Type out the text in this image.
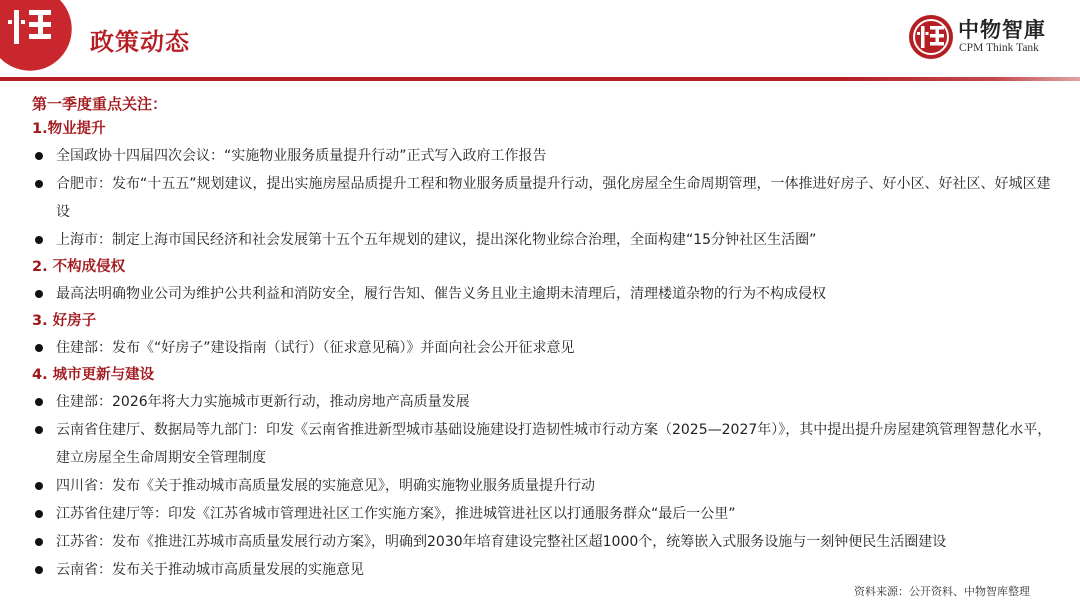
政策动态	中物智庫
CPM Think Tank
第一季度重点关注：
1.物业提升
全国政协十四届四次会议：“实施物业服务质量提升行动”正式写入政府工作报告
合肥市：发布“十五五”规划建议，提出实施房屋品质提升工程和物业服务质量提升行动，强化房屋全生命周期管理，一体推进好房子、好小区、好社区、好城区建设
上海市：制定上海市国民经济和社会发展第十五个五年规划的建议，提出深化物业综合治理，全面构建“15分钟社区生活圈”
2. 不构成侵权
最高法明确物业公司为维护公共利益和消防安全，履行告知、催告义务且业主逾期未清理后，清理楼道杂物的行为不构成侵权
3. 好房子
住建部：发布《“好房子”建设指南（试行）（征求意见稿）》并面向社会公开征求意见
4. 城市更新与建设
住建部：2026年将大力实施城市更新行动，推动房地产高质量发展
云南省住建厅、数据局等九部门：印发《云南省推进新型城市基础设施建设打造韧性城市行动方案（2025—2027年）》，其中提出提升房屋建筑管理智慧化水平，建立房屋全生命周期安全管理制度
四川省：发布《关于推动城市高质量发展的实施意见》，明确实施物业服务质量提升行动
江苏省住建厅等：印发《江苏省城市管理进社区工作实施方案》，推进城管进社区以打通服务群众“最后一公里”
江苏省：发布《推进江苏城市高质量发展行动方案》，明确到2030年培育建设完整社区超1000个，统筹嵌入式服务设施与一刻钟便民生活圈建设
云南省：发布关于推动城市高质量发展的实施意见
资料来源：公开资料、中物智库整理
